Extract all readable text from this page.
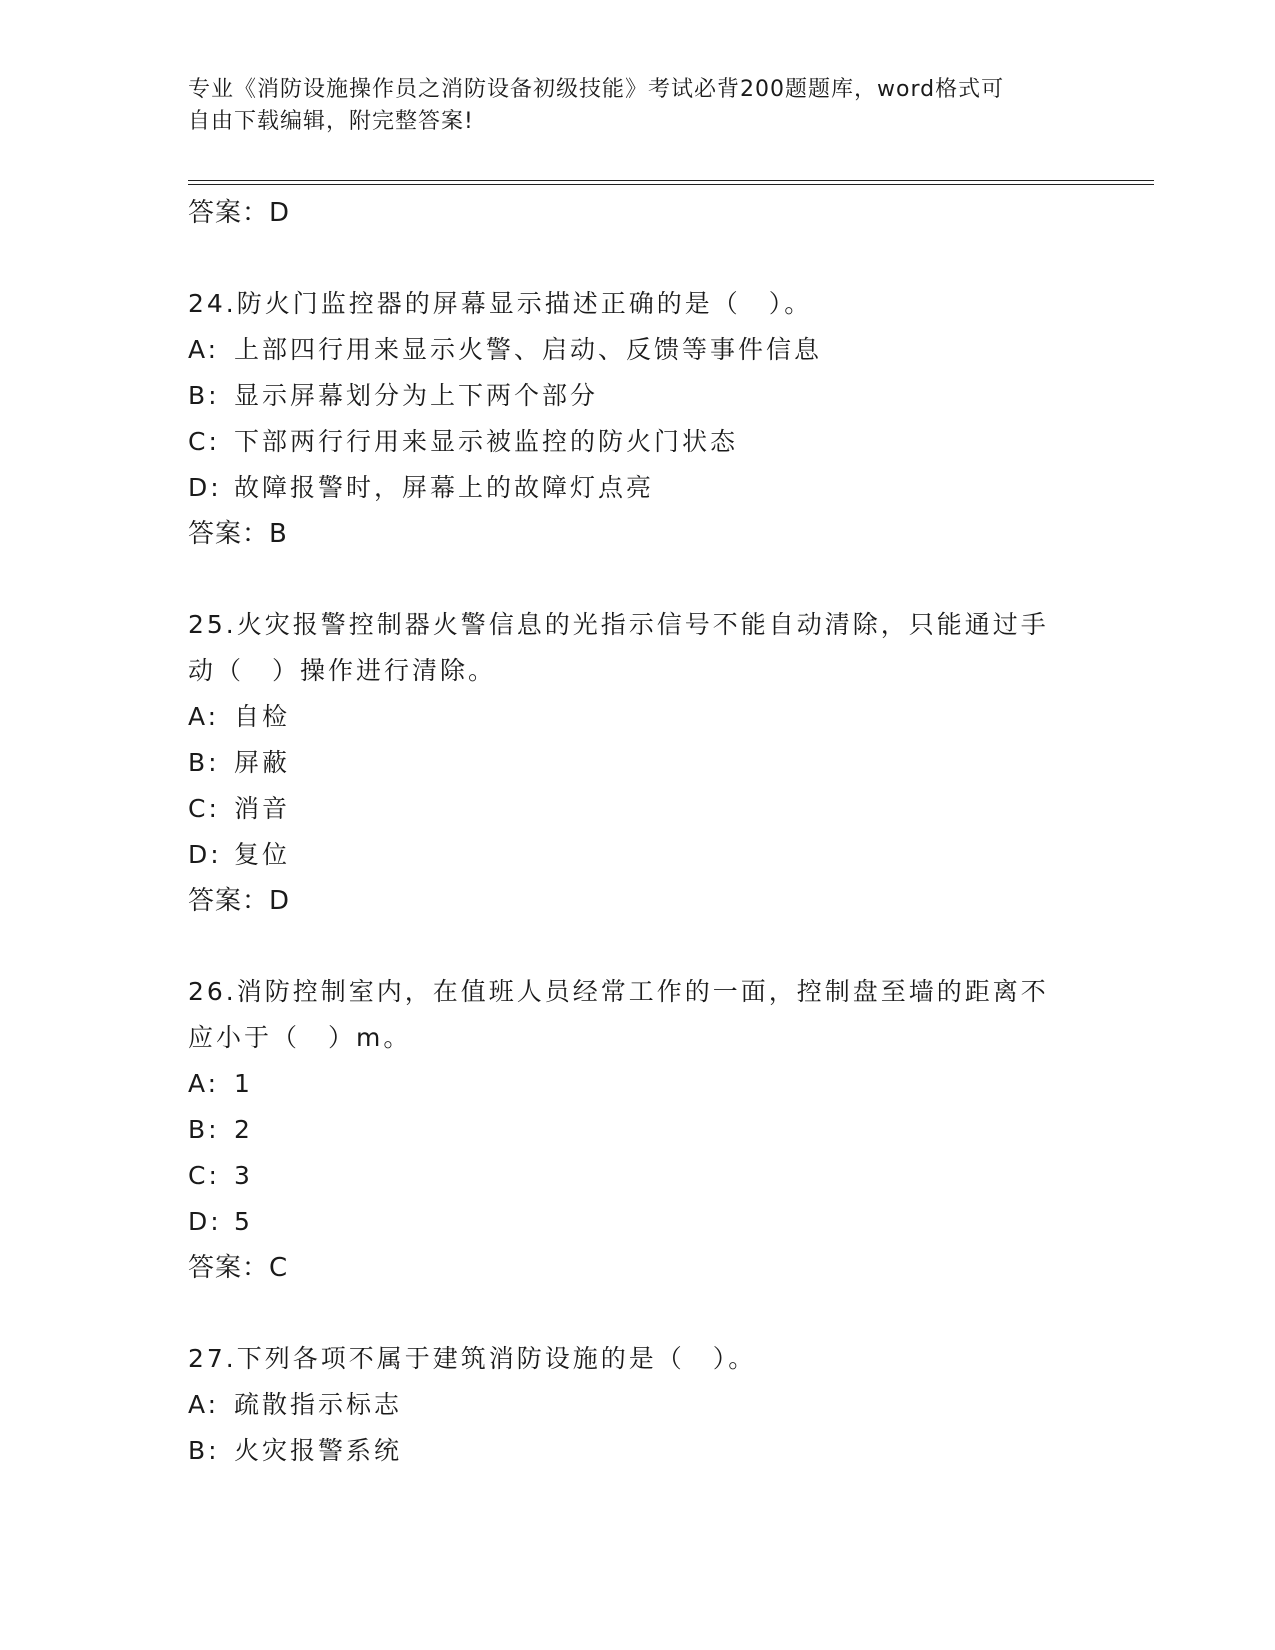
专业《消防设施操作员之消防设备初级技能》考试必背200题题库，word格式可
自由下载编辑，附完整答案!
答案：D
24.防火门监控器的屏幕显示描述正确的是（　）。
A: 上部四行用来显示火警、启动、反馈等事件信息
B: 显示屏幕划分为上下两个部分
C: 下部两行行用来显示被监控的防火门状态
D: 故障报警时，屏幕上的故障灯点亮
答案：B
25.火灾报警控制器火警信息的光指示信号不能自动清除，只能通过手
动（　）操作进行清除。
A: 自检
B: 屏蔽
C: 消音
D: 复位
答案：D
26.消防控制室内，在值班人员经常工作的一面，控制盘至墙的距离不
应小于（　）m。
A: 1
B: 2
C: 3
D: 5
答案：C
27.下列各项不属于建筑消防设施的是（　）。
A: 疏散指示标志
B: 火灾报警系统
